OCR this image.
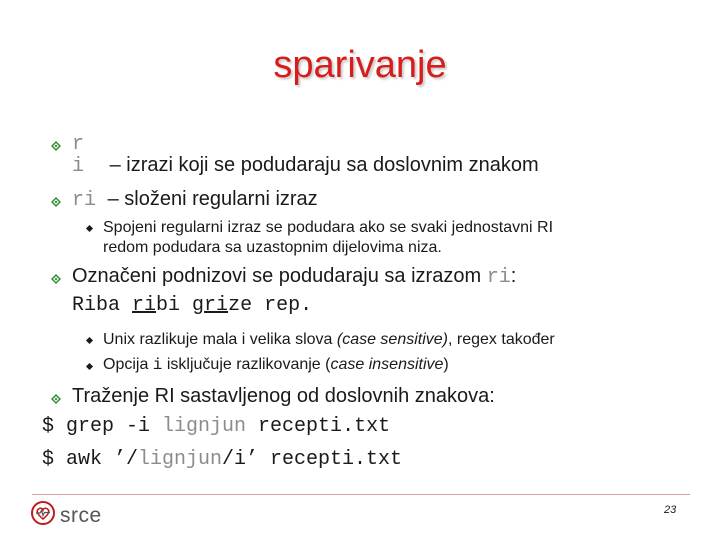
sparivanje
r
i – izrazi koji se podudaraju sa doslovnim znakom
ri – složeni regularni izraz
Spojeni regularni izraz se podudara ako se svaki jednostavni RI
redom podudara sa uzastopnim dijelovima niza.
Označeni podnizovi se podudaraju sa izrazom ri:
Riba ribi grize rep.
Unix razlikuje mala i velika slova (case sensitive), regex također
Opcija i isključuje razlikovanje (case insensitive)
Traženje RI sastavljenog od doslovnih znakova:
$ grep -i lignjun recepti.txt
$ awk ’/lignjun/i’ recepti.txt
srce	23
